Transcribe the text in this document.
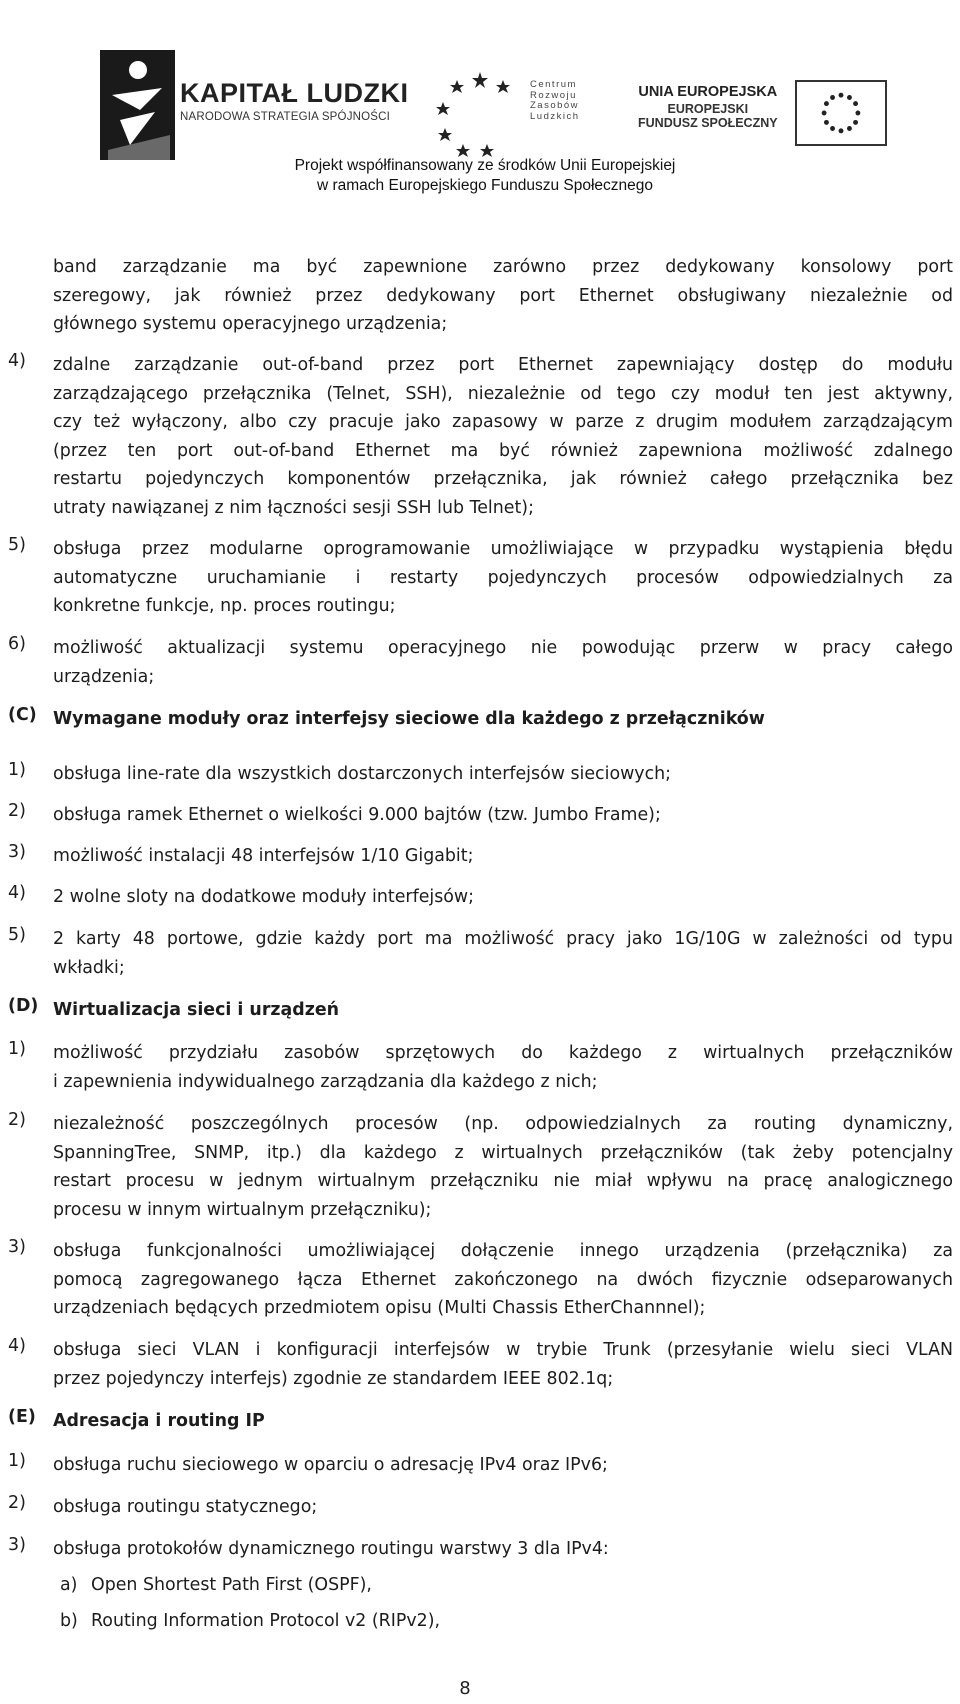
KAPITAŁ LUDZKI
NARODOWA STRATEGIA SPÓJNOŚCI
Centrum
Rozwoju
Zasobów
Ludzkich
UNIA EUROPEJSKA
EUROPEJSKI
FUNDUSZ SPOŁECZNY
Projekt współfinansowany ze środków Unii Europejskiej
w ramach Europejskiego Funduszu Społecznego
band zarządzanie ma być zapewnione zarówno przez dedykowany konsolowy port
szeregowy, jak również przez dedykowany port Ethernet obsługiwany niezależnie od
głównego systemu operacyjnego urządzenia;
4) zdalne zarządzanie out-of-band przez port Ethernet zapewniający dostęp do modułu
zarządzającego przełącznika (Telnet, SSH), niezależnie od tego czy moduł ten jest aktywny,
czy też wyłączony, albo czy pracuje jako zapasowy w parze z drugim modułem zarządzającym
(przez ten port out-of-band Ethernet ma być również zapewniona możliwość zdalnego
restartu pojedynczych komponentów przełącznika, jak również całego przełącznika bez
utraty nawiązanej z nim łączności sesji SSH lub Telnet);
5) obsługa przez modularne oprogramowanie umożliwiające w przypadku wystąpienia błędu
automatyczne uruchamianie i restarty pojedynczych procesów odpowiedzialnych za
konkretne funkcje, np. proces routingu;
6) możliwość aktualizacji systemu operacyjnego nie powodując przerw w pracy całego
urządzenia;
(C) Wymagane moduły oraz interfejsy sieciowe dla każdego z przełączników
1) obsługa line-rate dla wszystkich dostarczonych interfejsów sieciowych;
2) obsługa ramek Ethernet o wielkości 9.000 bajtów (tzw. Jumbo Frame);
3) możliwość instalacji 48 interfejsów 1/10 Gigabit;
4) 2 wolne sloty na dodatkowe moduły interfejsów;
5) 2 karty 48 portowe, gdzie każdy port ma możliwość pracy jako 1G/10G w zależności od typu
wkładki;
(D) Wirtualizacja sieci i urządzeń
1) możliwość przydziału zasobów sprzętowych do każdego z wirtualnych przełączników
i zapewnienia indywidualnego zarządzania dla każdego z nich;
2) niezależność poszczególnych procesów (np. odpowiedzialnych za routing dynamiczny,
SpanningTree, SNMP, itp.) dla każdego z wirtualnych przełączników (tak żeby potencjalny
restart procesu w jednym wirtualnym przełączniku nie miał wpływu na pracę analogicznego
procesu w innym wirtualnym przełączniku);
3) obsługa funkcjonalności umożliwiającej dołączenie innego urządzenia (przełącznika) za
pomocą zagregowanego łącza Ethernet zakończonego na dwóch fizycznie odseparowanych
urządzeniach będących przedmiotem opisu (Multi Chassis EtherChannnel);
4) obsługa sieci VLAN i konfiguracji interfejsów w trybie Trunk (przesyłanie wielu sieci VLAN
przez pojedynczy interfejs) zgodnie ze standardem IEEE 802.1q;
(E) Adresacja i routing IP
1) obsługa ruchu sieciowego w oparciu o adresację IPv4 oraz IPv6;
2) obsługa routingu statycznego;
3) obsługa protokołów dynamicznego routingu warstwy 3 dla IPv4:
a) Open Shortest Path First (OSPF),
b) Routing Information Protocol v2 (RIPv2),
8
